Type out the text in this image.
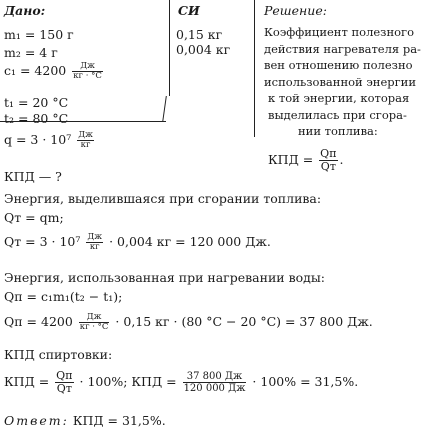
Дано:	СИ	Решение:
m₁ = 150 г
m₂ = 4 г
$c_1 = 4200 \frac{Дж}{кг \cdot ^\circ С}$
t₁ = 20 °С
t₂ = 80 °С
$q = 3 \cdot 10^7 \frac{Дж}{кг}$
КПД — ?
0,15 кг
0,004 кг
Коэффициент полезного
действия нагревателя ра-
вен отношению полезно
использованной энергии
к той энергии, которая
выделилась при сгора-
нии топлива:
КПД = $\frac{Qп}{Qт}$ .
Энергия, выделившаяся при сгорании топлива:
Qт = qm;
Qт = $3 \cdot 10^7 \frac{Дж}{кг} \cdot 0,004$ кг = 120 000 Дж.
Энергия, использованная при нагревании воды:
Qп = c₁m₁(t₂ − t₁);
Qп = $4200 \frac{Дж}{кг \cdot ^\circ С} \cdot 0,15$ кг · (80 °С − 20 °С) = 37 800 Дж.
КПД спиртовки:
КПД = $\frac{Qп}{Qт} \cdot 100\%$; КПД = $\frac{37 800 Дж}{120 000 Дж} \cdot 100\% = 31,5\%$.
Ответ: КПД = 31,5%.
